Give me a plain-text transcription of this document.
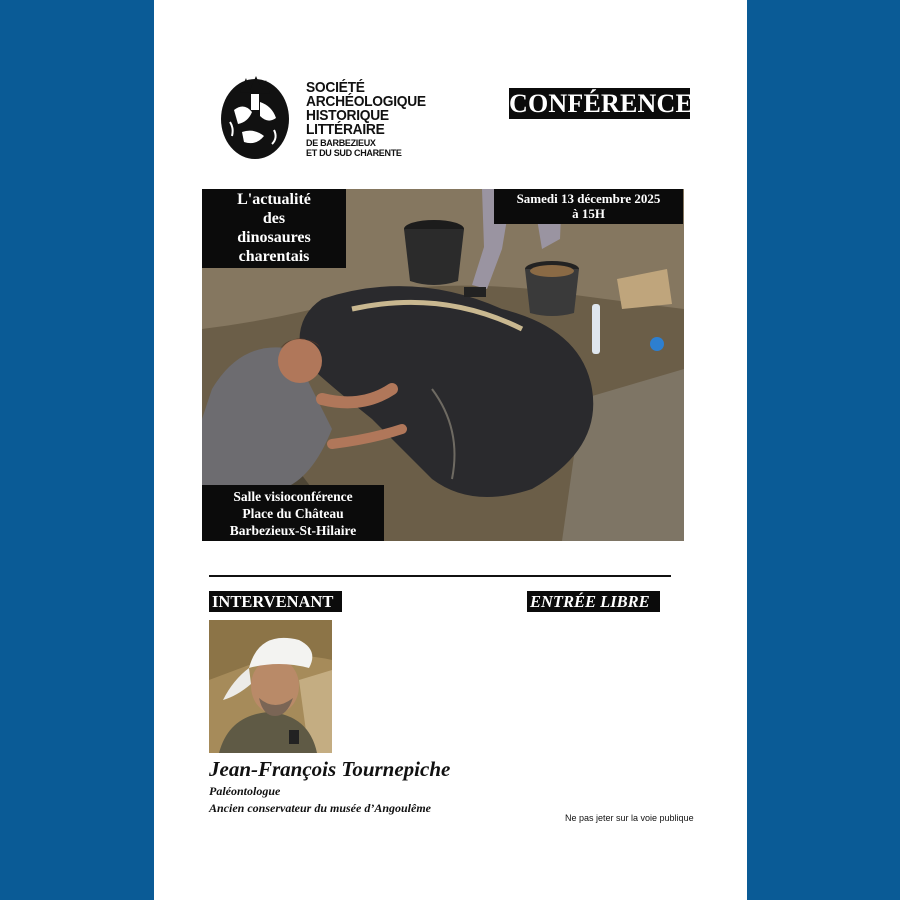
SOCIÉTÉ
ARCHÉOLOGIQUE
HISTORIQUE
LITTÉRAIRE
DE BARBEZIEUX
ET DU SUD CHARENTE
CONFÉRENCE
L'actualité
des
dinosaures
charentais
Samedi 13 décembre 2025
à 15H
Salle visioconférence
Place du Château
Barbezieux-St-Hilaire
INTERVENANT	ENTRÉE LIBRE
Jean-François Tournepiche
Paléontologue
Ancien conservateur du musée d’Angoulême
Ne pas jeter sur la voie publique
